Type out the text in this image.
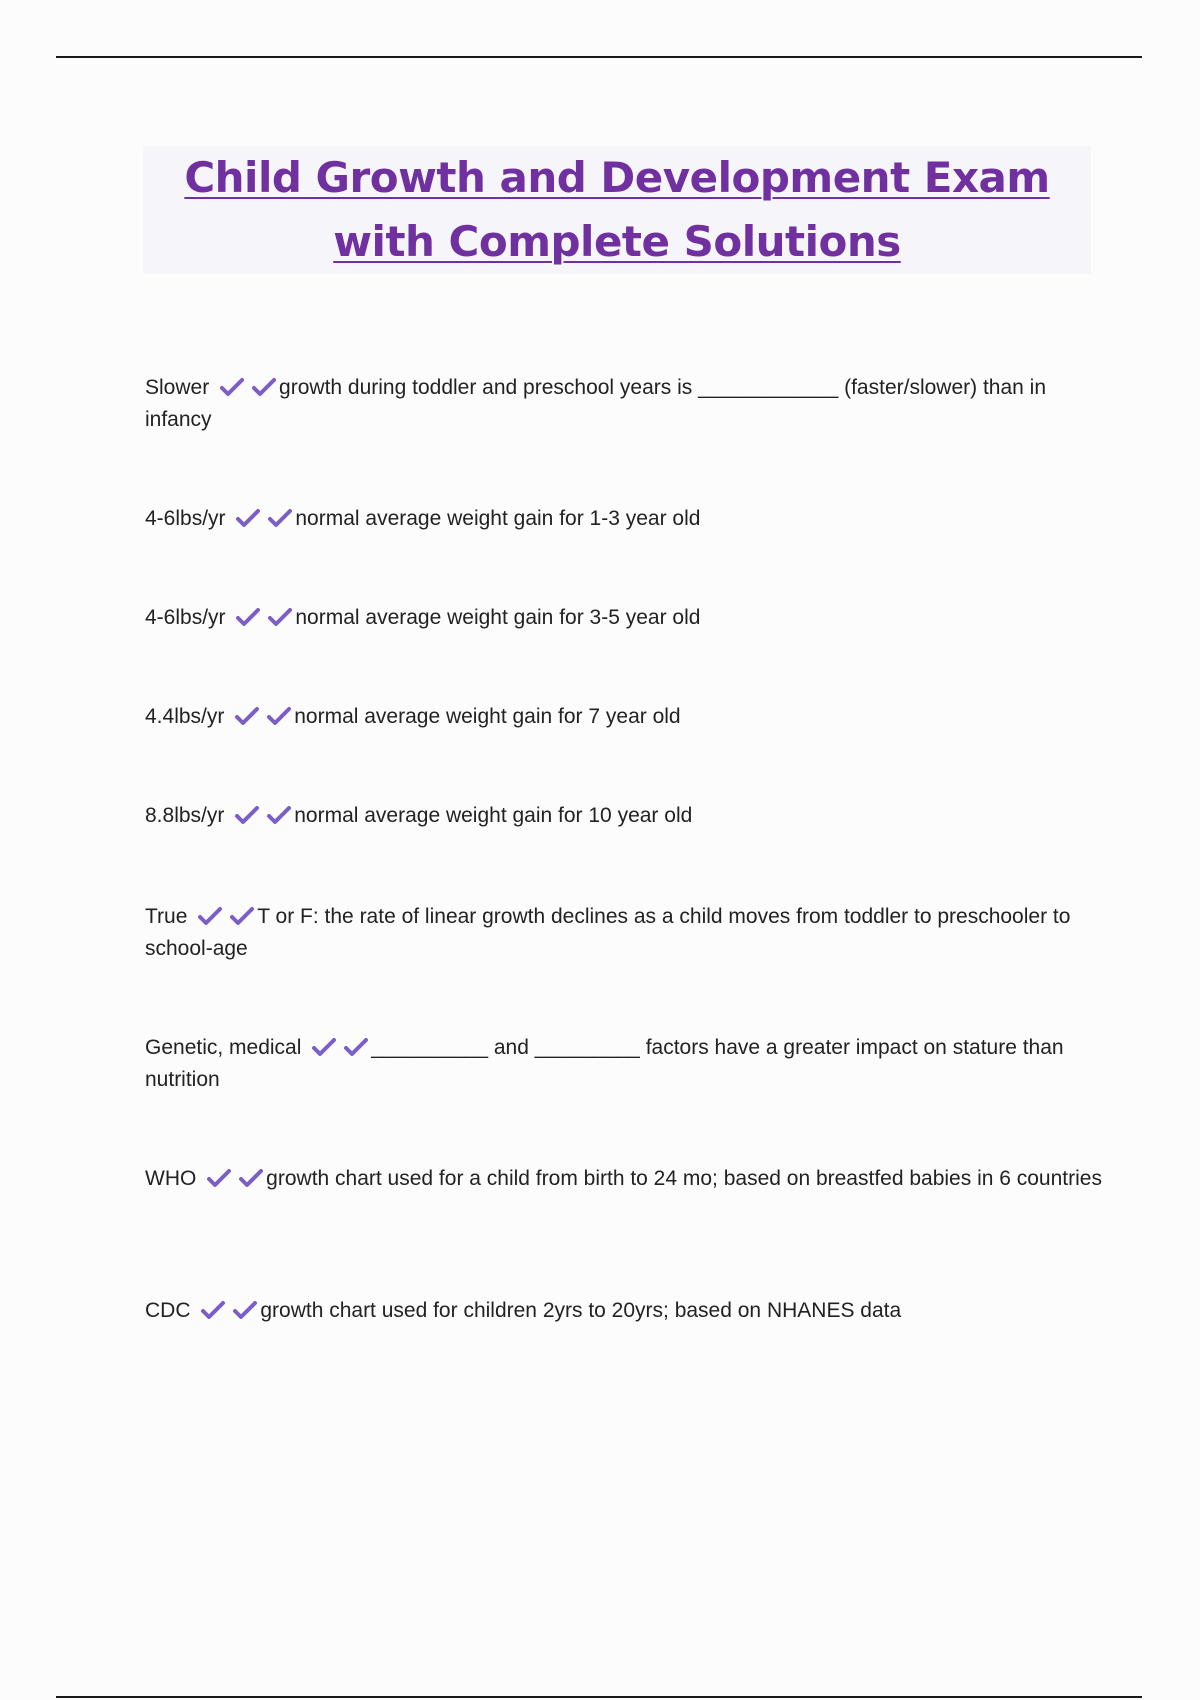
Child Growth and Development Exam with Complete Solutions

Slower	growth during toddler and preschool years is ____________ (faster/slower) than in infancy

4-6lbs/yr	normal average weight gain for 1-3 year old

4-6lbs/yr	normal average weight gain for 3-5 year old

4.4lbs/yr	normal average weight gain for 7 year old

8.8lbs/yr	normal average weight gain for 10 year old

True	T or F: the rate of linear growth declines as a child moves from toddler to preschooler to school-age

Genetic, medical	__________ and _________ factors have a greater impact on stature than nutrition

WHO	growth chart used for a child from birth to 24 mo; based on breastfed babies in 6 countries

CDC	growth chart used for children 2yrs to 20yrs; based on NHANES data
